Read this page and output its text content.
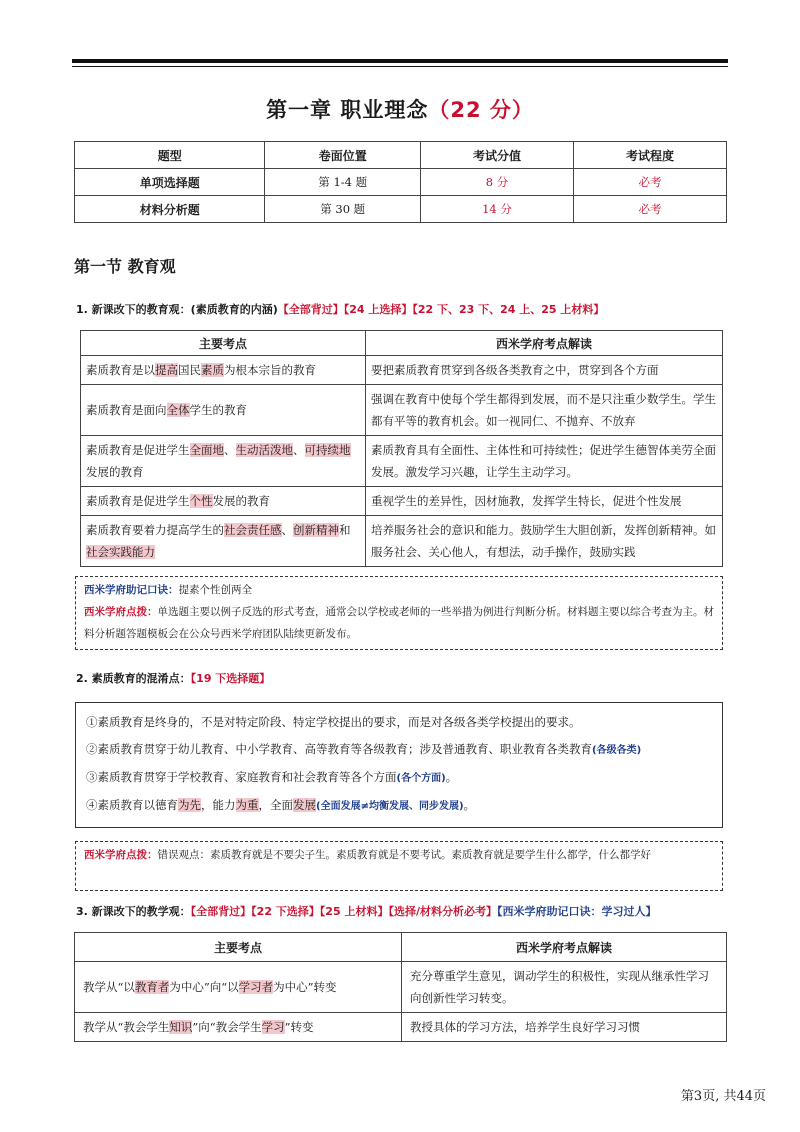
第一章 职业理念（22 分）
题型	卷面位置	考试分值	考试程度
单项选择题	第 1-4 题	8 分	必考
材料分析题	第 30 题	14 分	必考
第一节 教育观
1. 新课改下的教育观：(素质教育的内涵)【全部背过】【24 上选择】【22 下、23 下、24 上、25 上材料】
主要考点	西米学府考点解读
素质教育是以提高国民素质为根本宗旨的教育	要把素质教育贯穿到各级各类教育之中，贯穿到各个方面
素质教育是面向全体学生的教育	强调在教育中使每个学生都得到发展，而不是只注重少数学生。学生都有平等的教育机会。如一视同仁、不抛弃、不放弃
素质教育是促进学生全面地、生动活泼地、可持续地发展的教育	素质教育具有全面性、主体性和可持续性；促进学生德智体美劳全面发展。激发学习兴趣，让学生主动学习。
素质教育是促进学生个性发展的教育	重视学生的差异性，因材施教，发挥学生特长，促进个性发展
素质教育要着力提高学生的社会责任感、创新精神和社会实践能力	培养服务社会的意识和能力。鼓励学生大胆创新，发挥创新精神。如服务社会、关心他人，有想法，动手操作，鼓励实践
西米学府助记口诀：提素个性创两全
西米学府点拨：单选题主要以例子反选的形式考查，通常会以学校或老师的一些举措为例进行判断分析。材料题主要以综合考查为主。材料分析题答题模板会在公众号西米学府团队陆续更新发布。
2. 素质教育的混淆点：【19 下选择题】
①素质教育是终身的，不是对特定阶段、特定学校提出的要求，而是对各级各类学校提出的要求。
②素质教育贯穿于幼儿教育、中小学教育、高等教育等各级教育；涉及普通教育、职业教育各类教育(各级各类)
③素质教育贯穿于学校教育、家庭教育和社会教育等各个方面(各个方面)。
④素质教育以德育为先，能力为重，全面发展(全面发展≠均衡发展、同步发展)。
西米学府点拨：错误观点：素质教育就是不要尖子生。素质教育就是不要考试。素质教育就是要学生什么都学，什么都学好
3. 新课改下的教学观：【全部背过】【22 下选择】【25 上材料】【选择/材料分析必考】【西米学府助记口诀：学习过人】
主要考点	西米学府考点解读
教学从“以教育者为中心”向“以学习者为中心”转变	充分尊重学生意见，调动学生的积极性，实现从继承性学习向创新性学习转变。
教学从“教会学生知识”向“教会学生学习”转变	教授具体的学习方法，培养学生良好学习习惯
第3页, 共44页
